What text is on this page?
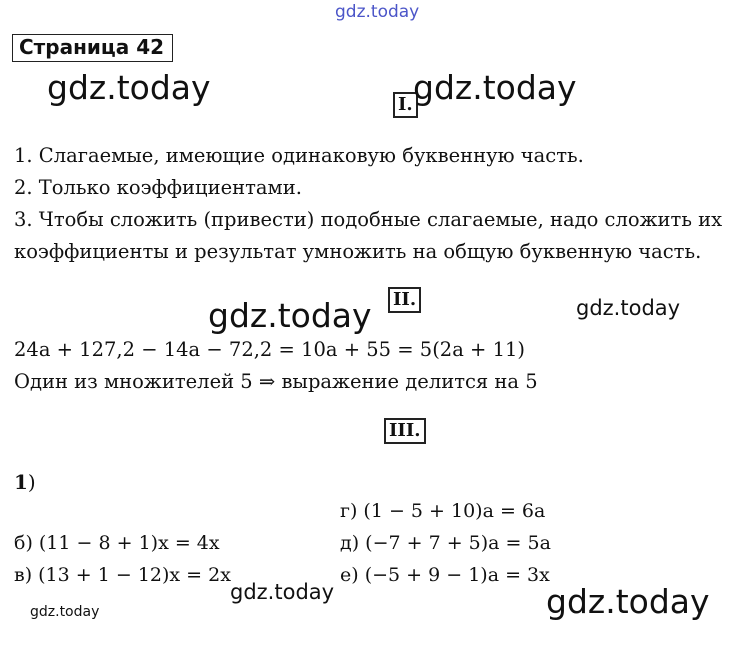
gdz.today
Страница 42
gdz.today	I. gdz.today
1. Слагаемые, имеющие одинаковую буквенную часть.
2. Только коэффициентами.
3. Чтобы сложить (привести) подобные слагаемые, надо сложить их
коэффициенты и результат умножить на общую буквенную часть.
gdz.today II.	gdz.today
24a + 127,2 − 14a − 72,2 = 10a + 55 = 5(2a + 11)
Один из множителей 5 ⇒ выражение делится на 5
III.
1)
г) (1 − 5 + 10)a = 6a
б) (11 − 8 + 1)x = 4x	д) (−7 + 7 + 5)a = 5a
в) (13 + 1 − 12)x = 2x	е) (−5 + 9 − 1)a = 3x
gdz.today	gdz.today
gdz.today
